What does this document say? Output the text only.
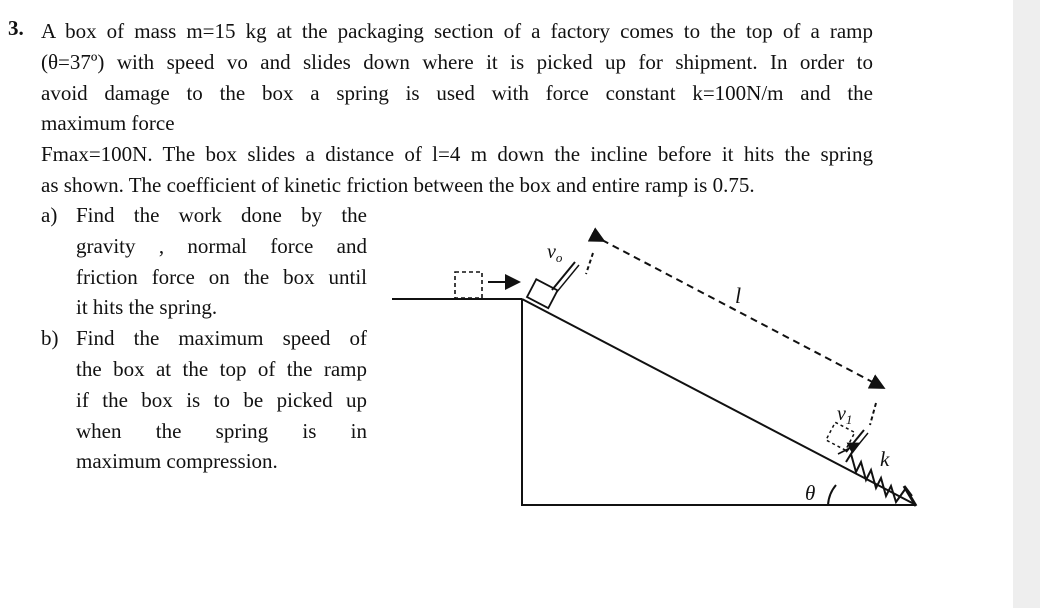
3. A box of mass m=15 kg at the packaging section of a factory comes to the top of a ramp
(θ=37º) with speed vo and slides down where it is picked up for shipment. In order to
avoid damage to the box a spring is used with force constant k=100N/m and the
maximum force
Fmax=100N. The box slides a distance of l=4 m down the incline before it hits the spring
as shown. The coefficient of kinetic friction between the box and entire ramp is 0.75.
a) Find the work done by the
gravity , normal force and
friction force on the box until
it hits the spring.
b) Find the maximum speed of
the box at the top of the ramp
if the box is to be picked up
when the spring is in
maximum compression.
$v_o$
l
$v_1$
k
θ
